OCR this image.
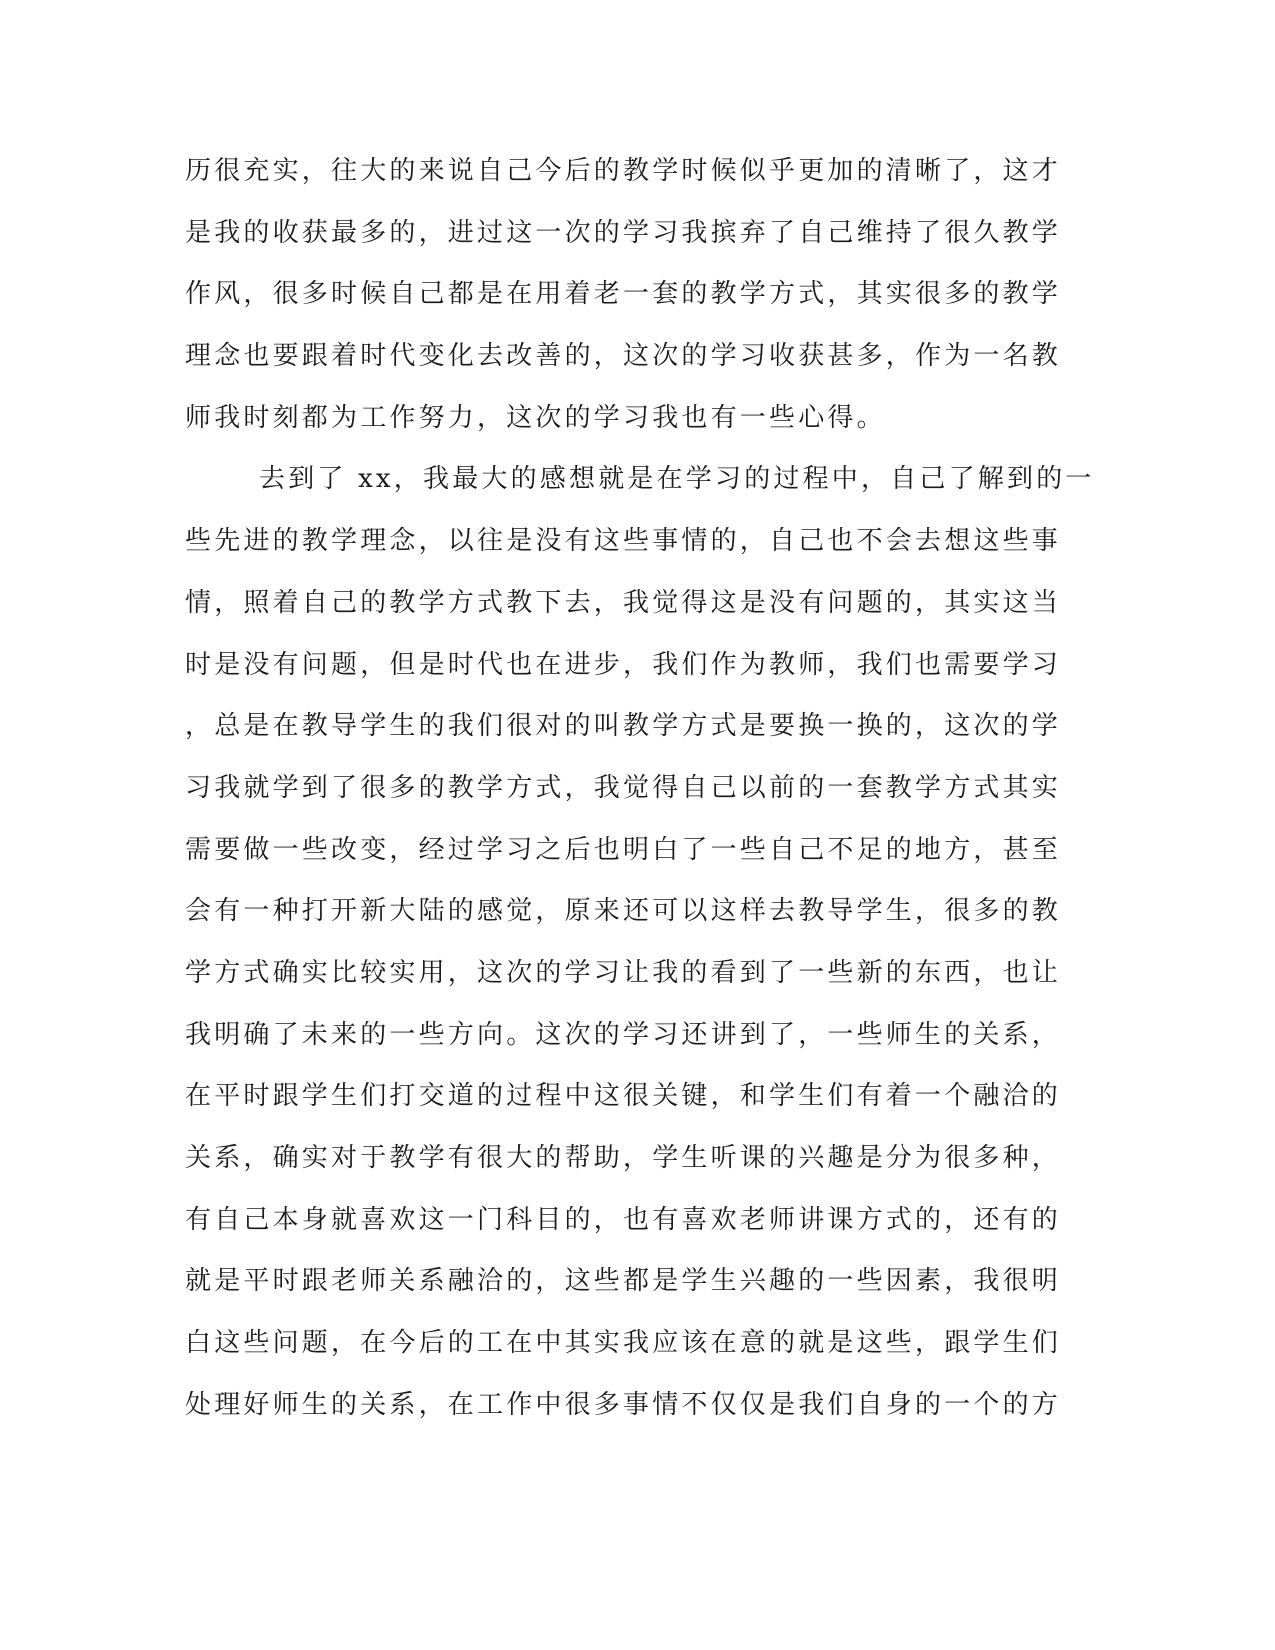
历很充实，往大的来说自己今后的教学时候似乎更加的清晰了，这才
是我的收获最多的，进过这一次的学习我摈弃了自己维持了很久教学
作风，很多时候自己都是在用着老一套的教学方式，其实很多的教学
理念也要跟着时代变化去改善的，这次的学习收获甚多，作为一名教
师我时刻都为工作努力，这次的学习我也有一些心得。
去到了 xx，我最大的感想就是在学习的过程中，自己了解到的一
些先进的教学理念，以往是没有这些事情的，自己也不会去想这些事
情，照着自己的教学方式教下去，我觉得这是没有问题的，其实这当
时是没有问题，但是时代也在进步，我们作为教师，我们也需要学习
，总是在教导学生的我们很对的叫教学方式是要换一换的，这次的学
习我就学到了很多的教学方式，我觉得自己以前的一套教学方式其实
需要做一些改变，经过学习之后也明白了一些自己不足的地方，甚至
会有一种打开新大陆的感觉，原来还可以这样去教导学生，很多的教
学方式确实比较实用，这次的学习让我的看到了一些新的东西，也让
我明确了未来的一些方向。这次的学习还讲到了，一些师生的关系，
在平时跟学生们打交道的过程中这很关键，和学生们有着一个融洽的
关系，确实对于教学有很大的帮助，学生听课的兴趣是分为很多种，
有自己本身就喜欢这一门科目的，也有喜欢老师讲课方式的，还有的
就是平时跟老师关系融洽的，这些都是学生兴趣的一些因素，我很明
白这些问题，在今后的工在中其实我应该在意的就是这些，跟学生们
处理好师生的关系，在工作中很多事情不仅仅是我们自身的一个的方
